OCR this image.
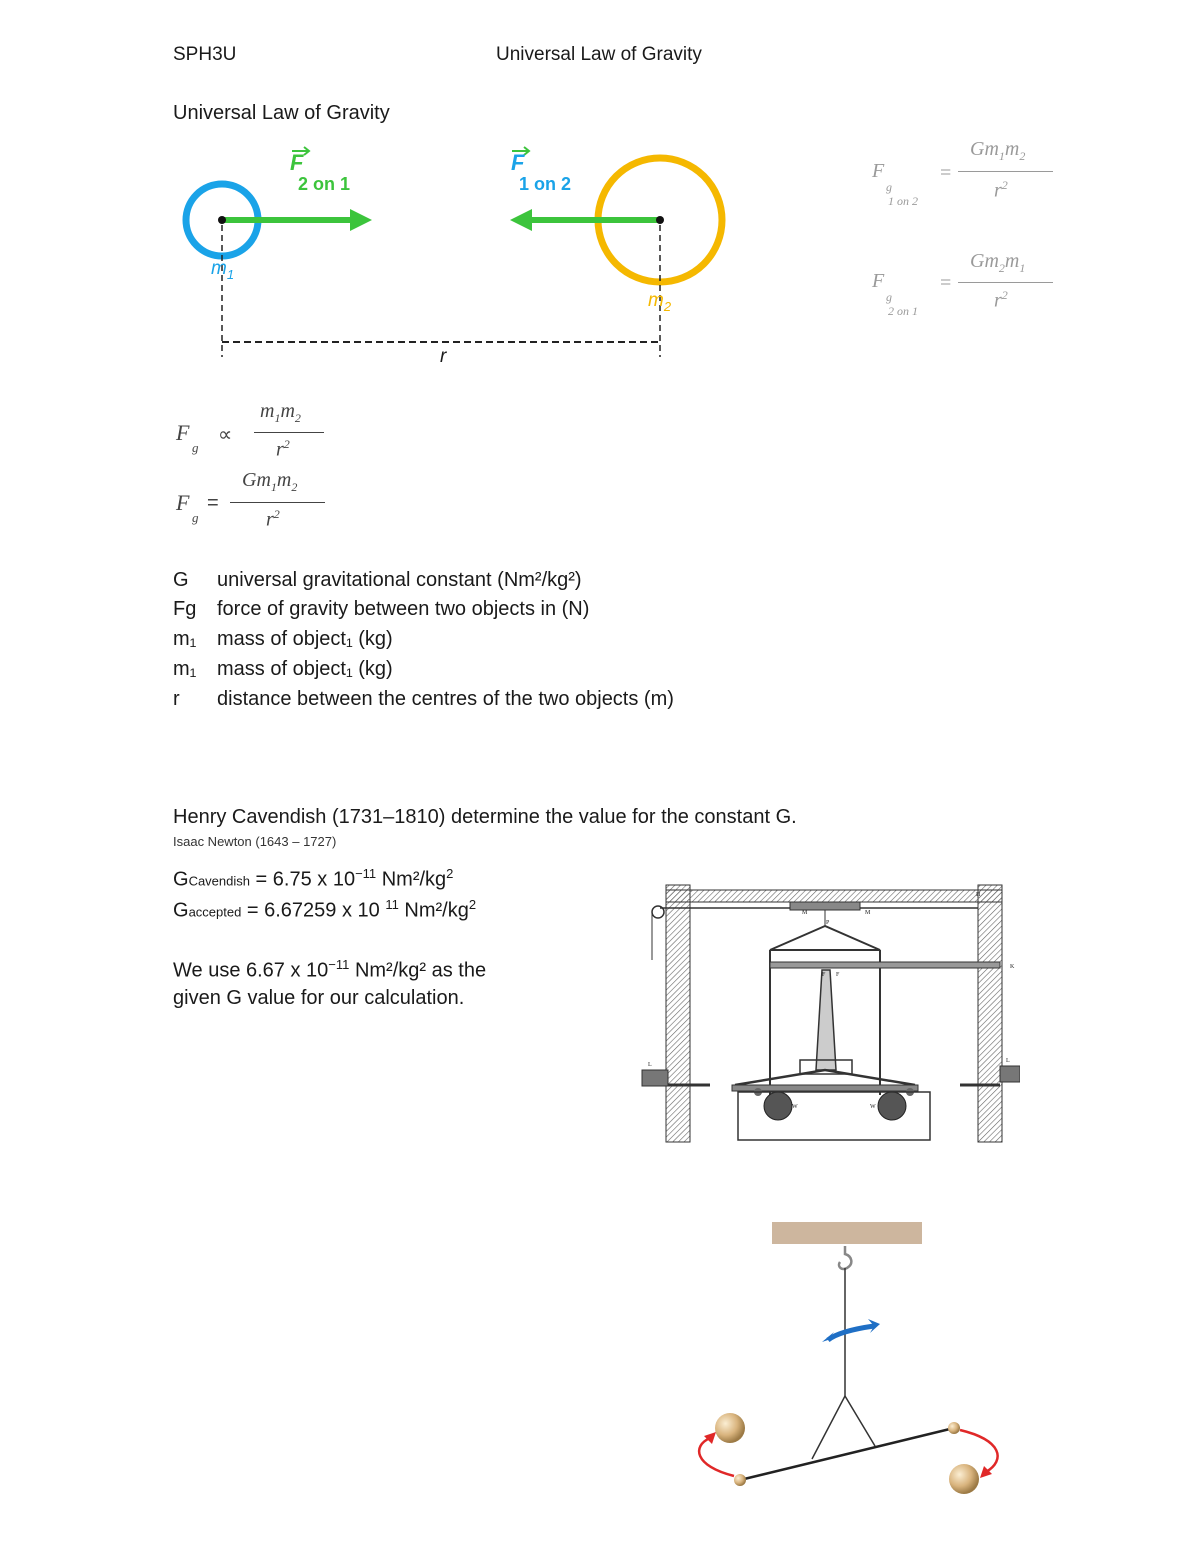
SPH3U	Universal Law of Gravity
Universal Law of Gravity
F
2 on 1
F
1 on 2
$m_1$
$m_2$
r
F
g
1 on 2
=
$Gm_1m_2$
$r^2$
F
g
2 on 1
=
$Gm_2m_1$
$r^2$
F
g
∝
$m_1m_2$
$r^2$
F
g
=
$Gm_1m_2$
$r^2$
G universal gravitational constant (Nm²/kg²)
Fg force of gravity between two objects in (N)
m₁ mass of object₁ (kg)
m₁ mass of object₁ (kg)
r distance between the centres of the two objects (m)
Henry Cavendish (1731–1810) determine the value for the constant G.
Isaac Newton (1643 – 1727)
GCavendish = 6.75 x $10^{-11}$ Nm²/$kg^2$
Gaccepted = 6.67259 x 10 $^{11}$ Nm²/$kg^2$
We use 6.67 x $10^{-11}$ Nm²/kg² as the
given G value for our calculation.
M	M
P
F F
L
L
W	W
H
K
